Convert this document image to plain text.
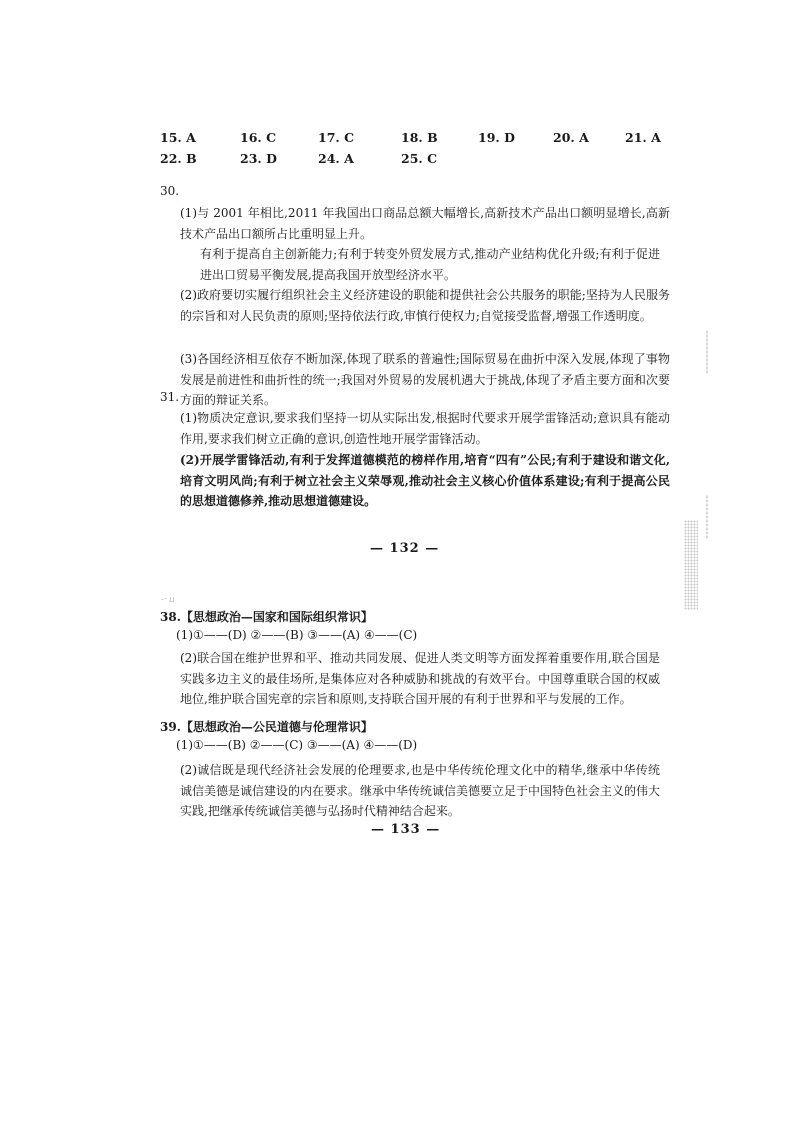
15. A	16. C	17. C	18. B	19. D	20. A	21. A
22. B	23. D	24. A	25. C
30.
(1)与 2001 年相比,2011 年我国出口商品总额大幅增长,高新技术产品出口额明显增长,高新技术产品出口额所占比重明显上升。
有利于提高自主创新能力;有利于转变外贸发展方式,推动产业结构优化升级;有利于促进进出口贸易平衡发展,提高我国开放型经济水平。
(2)政府要切实履行组织社会主义经济建设的职能和提供社会公共服务的职能;坚持为人民服务的宗旨和对人民负责的原则;坚持依法行政,审慎行使权力;自觉接受监督,增强工作透明度。
(3)各国经济相互依存不断加深,体现了联系的普遍性;国际贸易在曲折中深入发展,体现了事物发展是前进性和曲折性的统一;我国对外贸易的发展机遇大于挑战,体现了矛盾主要方面和次要方面的辩证关系。
31.
(1)物质决定意识,要求我们坚持一切从实际出发,根据时代要求开展学雷锋活动;意识具有能动作用,要求我们树立正确的意识,创造性地开展学雷锋活动。
(2)开展学雷锋活动,有利于发挥道德模范的榜样作用,培育“四有”公民;有利于建设和谐文化,培育文明风尚;有利于树立社会主义荣辱观,推动社会主义核心价值体系建设;有利于提高公民的思想道德修养,推动思想道德建设。
— 132 —
ㄧㄩ
38.【思想政治—国家和国际组织常识】
(1)①——(D) ②——(B) ③——(A) ④——(C)
(2)联合国在维护世界和平、推动共同发展、促进人类文明等方面发挥着重要作用,联合国是实践多边主义的最佳场所,是集体应对各种威胁和挑战的有效平台。中国尊重联合国的权威地位,维护联合国宪章的宗旨和原则,支持联合国开展的有利于世界和平与发展的工作。
39.【思想政治—公民道德与伦理常识】
(1)①——(B) ②——(C) ③——(A) ④——(D)
(2)诚信既是现代经济社会发展的伦理要求,也是中华传统伦理文化中的精华,继承中华传统诚信美德是诚信建设的内在要求。继承中华传统诚信美德要立足于中国特色社会主义的伟大实践,把继承传统诚信美德与弘扬时代精神结合起来。
— 133 —
